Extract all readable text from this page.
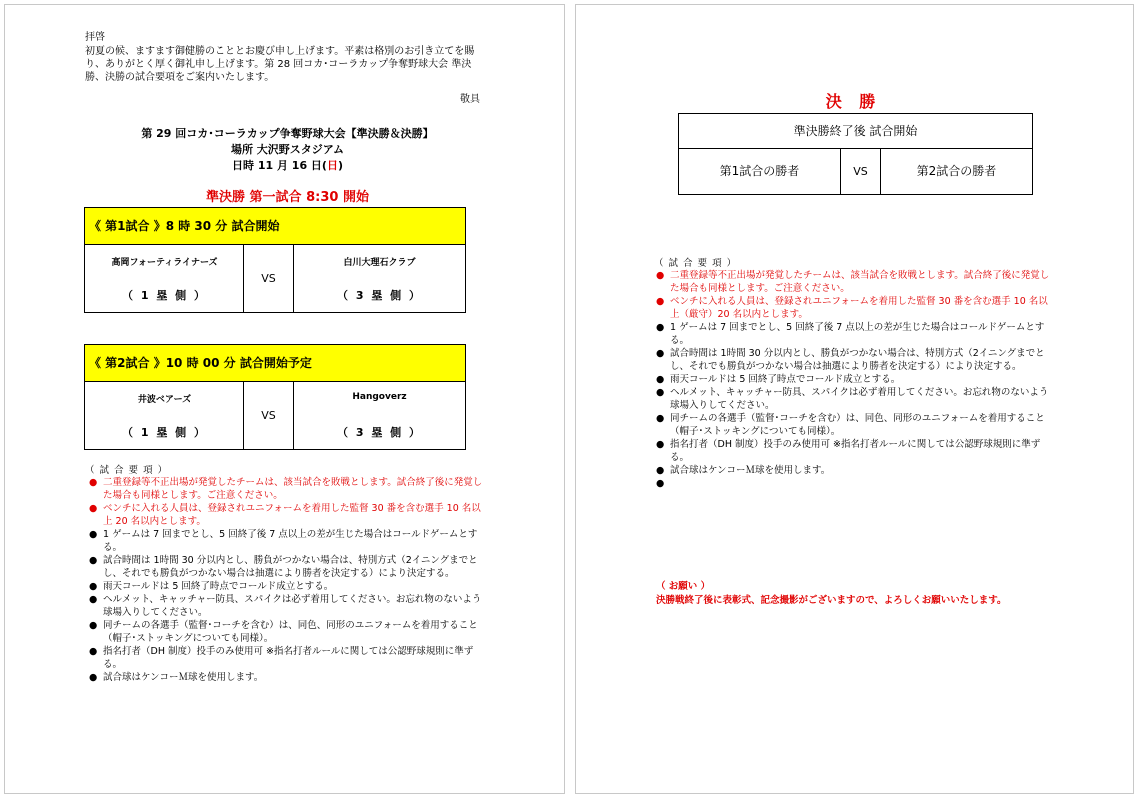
拝啓
初夏の候、ますます御健勝のこととお慶び申し上げます。平素は格別のお引き立てを賜り、ありがとく厚く御礼申し上げます。第 28 回コカ･コーラカップ争奪野球大会 準決勝、決勝の試合要項をご案内いたします。
敬具
第 29 回コカ･コーラカップ争奪野球大会【準決勝＆決勝】
場所 大沢野スタジアム
日時 11 月 16 日(日)
準決勝 第一試合 8:30 開始
《 第1試合 》8 時 30 分 試合開始
高岡フォーティライナーズ
（ 1 塁 側 ）
VS
白川大理石クラブ
（ 3 塁 側 ）
《 第2試合 》10 時 00 分 試合開始予定
井波ベアーズ
（ 1 塁 側 ）
VS
Hangoverz
（ 3 塁 側 ）
（ 試 合 要 項 ）
● 二重登録等不正出場が発覚したチームは、該当試合を敗戦とします。試合終了後に発覚した場合も同様とします。ご注意ください。
● ベンチに入れる人員は、登録されユニフォームを着用した監督 30 番を含む選手 10 名以上 20 名以内とします。
● 1 ゲームは 7 回までとし、5 回終了後 7 点以上の差が生じた場合はコールドゲームとする。
● 試合時間は 1時間 30 分以内とし、勝負がつかない場合は、特別方式（2イニングまでとし、それでも勝負がつかない場合は抽選により勝者を決定する）により決定する。
● 雨天コールドは 5 回終了時点でコールド成立とする。
● ヘルメット、キャッチャー防具、スパイクは必ず着用してください。お忘れ物のないよう球場入りしてください。
● 同チームの各選手（監督･コーチを含む）は、同色、同形のユニフォームを着用すること（帽子･ストッキングについても同様）。
● 指名打者（DH 制度）投手のみ使用可 ※指名打者ルールに関しては公認野球規則に準ずる。
● 試合球はケンコーＭ球を使用します。
決 勝
準決勝終了後 試合開始
第1試合の勝者	VS	第2試合の勝者
（ 試 合 要 項 ）
● 二重登録等不正出場が発覚したチームは、該当試合を敗戦とします。試合終了後に発覚した場合も同様とします。ご注意ください。
● ベンチに入れる人員は、登録されユニフォームを着用した監督 30 番を含む選手 10 名以上（厳守）20 名以内とします。
● 1 ゲームは 7 回までとし、5 回終了後 7 点以上の差が生じた場合はコールドゲームとする。
● 試合時間は 1時間 30 分以内とし、勝負がつかない場合は、特別方式（2イニングまでとし、それでも勝負がつかない場合は抽選により勝者を決定する）により決定する。
● 雨天コールドは 5 回終了時点でコールド成立とする。
● ヘルメット、キャッチャー防具、スパイクは必ず着用してください。お忘れ物のないよう球場入りしてください。
● 同チームの各選手（監督･コーチを含む）は、同色、同形のユニフォームを着用すること（帽子･ストッキングについても同様）。
● 指名打者（DH 制度）投手のみ使用可 ※指名打者ルールに関しては公認野球規則に準ずる。
● 試合球はケンコーＭ球を使用します。
●
（ お願い ）
決勝戦終了後に表彰式、記念撮影がございますので、よろしくお願いいたします。
